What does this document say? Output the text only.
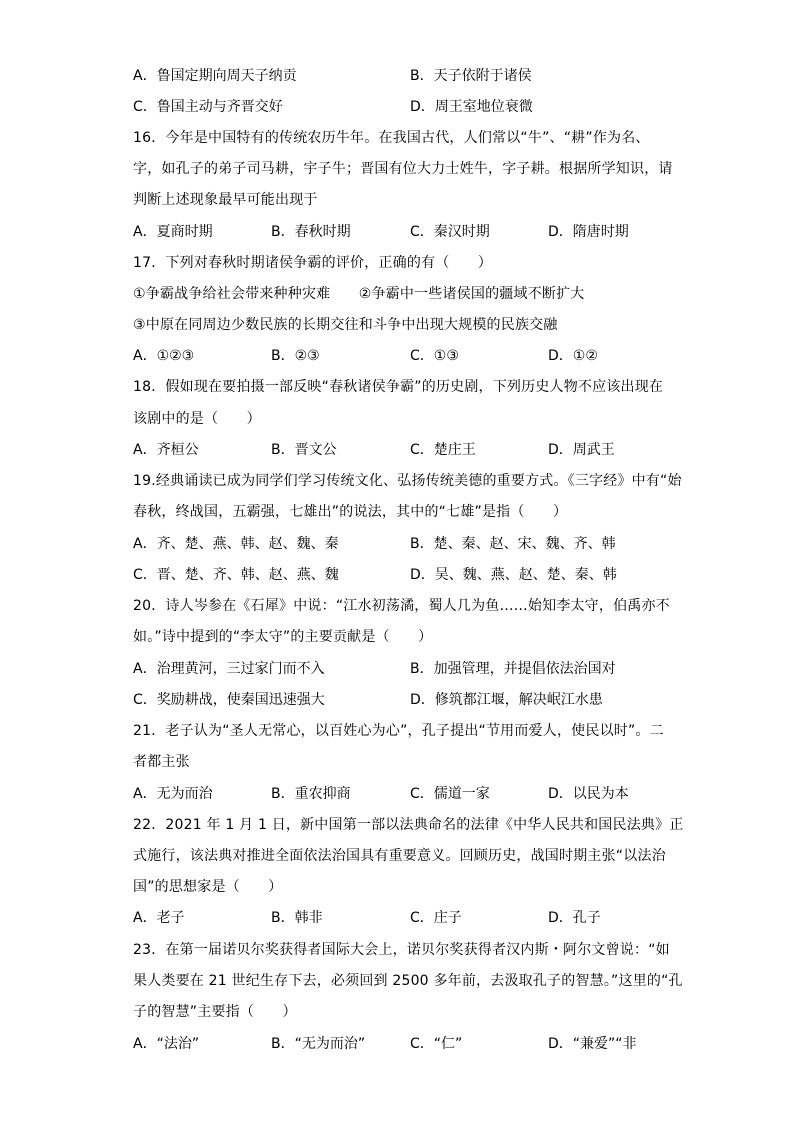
A．鲁国定期向周天子纳贡	B．天子依附于诸侯
C．鲁国主动与齐晋交好	D．周王室地位衰微
16．今年是中国特有的传统农历牛年。在我国古代，人们常以“牛”、“耕”作为名、
字，如孔子的弟子司马耕，宇子牛；晋国有位大力士姓牛，字子耕。根据所学知识，请
判断上述现象最早可能出现于
A．夏商时期	B．春秋时期	C．秦汉时期	D．隋唐时期
17．下列对春秋时期诸侯争霸的评价，正确的有（　　）
①争霸战争给社会带来种种灾难　　②争霸中一些诸侯国的疆域不断扩大
③中原在同周边少数民族的长期交往和斗争中出现大规模的民族交融
A．①②③	B．②③	C．①③	D．①②
18．假如现在要拍摄一部反映“春秋诸侯争霸”的历史剧，下列历史人物不应该出现在
该剧中的是（　　）
A．齐桓公	B．晋文公	C．楚庄王	D．周武王
19.经典诵读已成为同学们学习传统文化、弘扬传统美德的重要方式。《三字经》中有“始
春秋，终战国，五霸强，七雄出”的说法，其中的“七雄”是指（　　）
A．齐、楚、燕、韩、赵、魏、秦	B．楚、秦、赵、宋、魏、齐、韩
C．晋、楚、齐、韩、赵、燕、魏	D．吴、魏、燕、赵、楚、秦、韩
20．诗人岑参在《石犀》中说：“江水初荡潏，蜀人几为鱼……始知李太守，伯禹亦不
如。”诗中提到的“李太守”的主要贡献是（　　）
A．治理黄河，三过家门而不入	B．加强管理，并提倡依法治国对
C．奖励耕战，使秦国迅速强大	D．修筑都江堰，解决岷江水患
21．老子认为“圣人无常心，以百姓心为心”，孔子提出“节用而爱人，使民以时”。二
者都主张
A．无为而治	B．重农抑商	C．儒道一家	D．以民为本
22．2021 年 1 月 1 日，新中国第一部以法典命名的法律《中华人民共和国民法典》正
式施行，该法典对推进全面依法治国具有重要意义。回顾历史，战国时期主张“以法治
国”的思想家是（　　）
A．老子	B．韩非	C．庄子	D．孔子
23．在第一届诺贝尔奖获得者国际大会上，诺贝尔奖获得者汉内斯・阿尔文曾说：“如
果人类要在 21 世纪生存下去，必须回到 2500 多年前，去汲取孔子的智慧。”这里的“孔
子的智慧”主要指（　　）
A．“法治”	B．“无为而治”	C．“仁”	D．“兼爱”“非
